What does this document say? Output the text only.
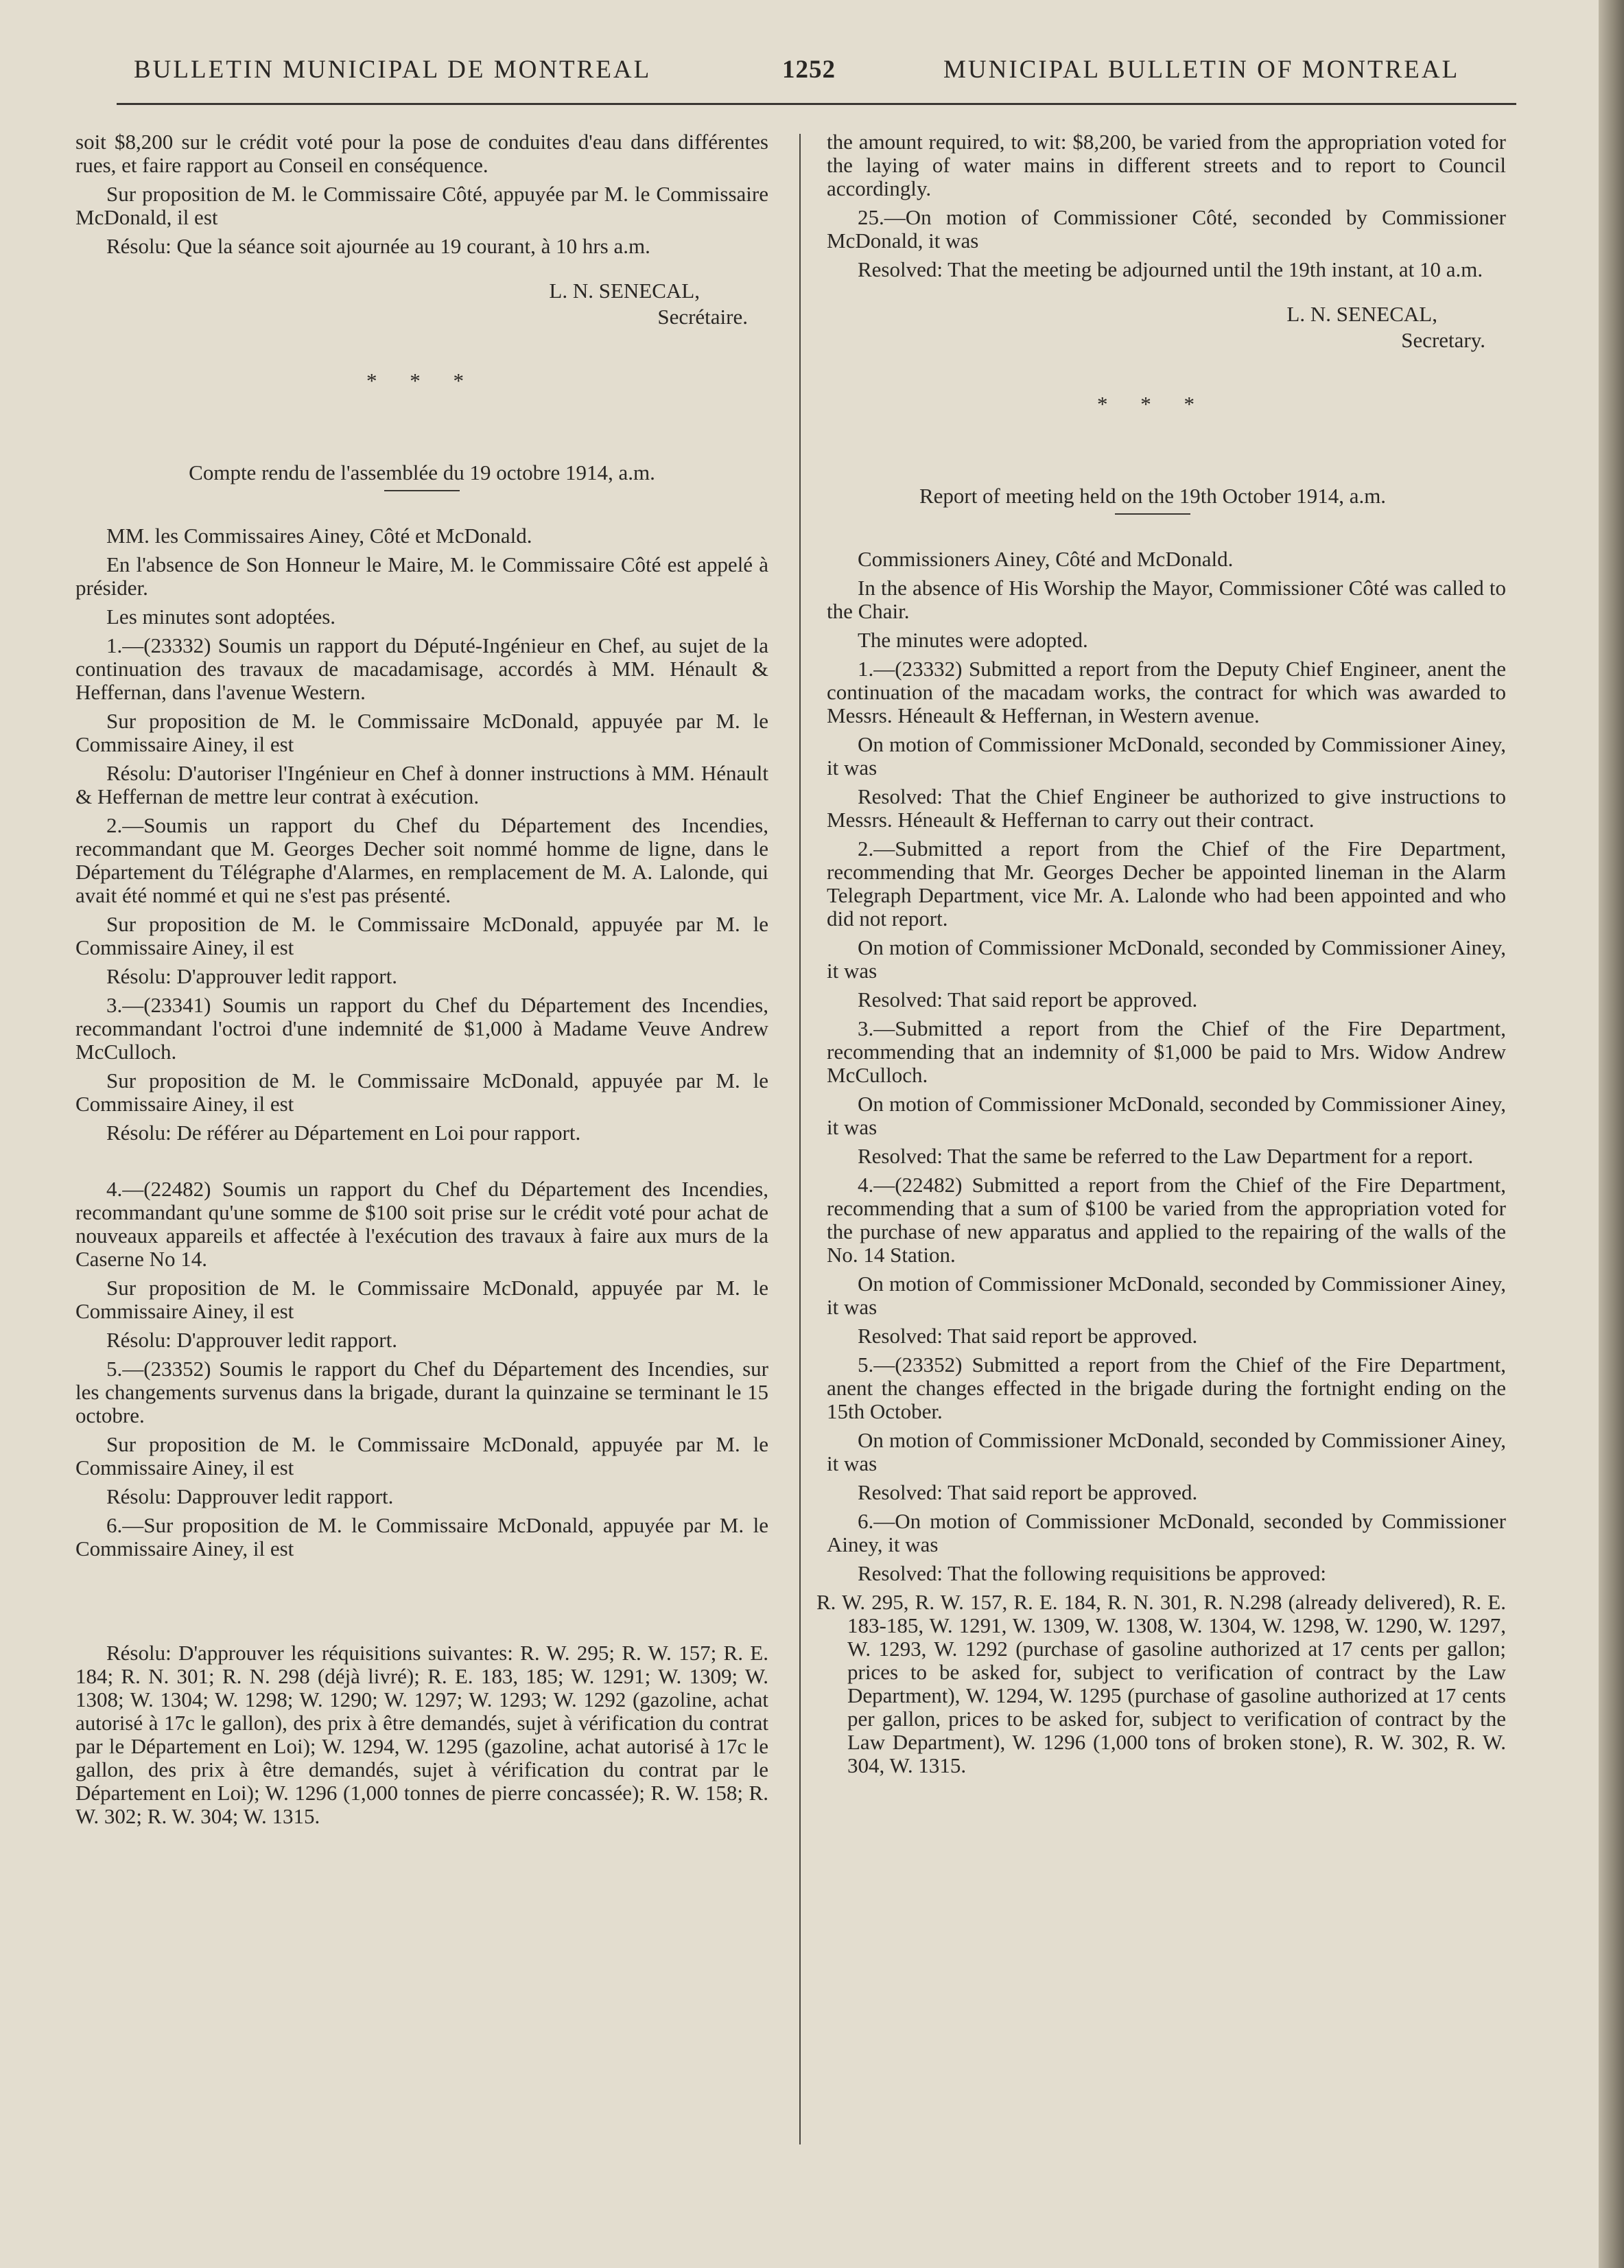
BULLETIN MUNICIPAL DE MONTREAL	1252	MUNICIPAL BULLETIN OF MONTREAL

soit $8,200 sur le crédit voté pour la pose de conduites d'eau dans différentes rues, et faire rapport au Conseil en conséquence.

Sur proposition de M. le Commissaire Côté, appuyée par M. le Commissaire McDonald, il est

Résolu: Que la séance soit ajournée au 19 courant, à 10 hrs a.m.

L. N. SENECAL,
Secrétaire.
* * *

Compte rendu de l'assemblée du 19 octobre 1914, a.m.

MM. les Commissaires Ainey, Côté et McDonald.

En l'absence de Son Honneur le Maire, M. le Commissaire Côté est appelé à présider.

Les minutes sont adoptées.

1.—(23332) Soumis un rapport du Député-Ingénieur en Chef, au sujet de la continuation des travaux de macadamisage, accordés à MM. Hénault & Heffernan, dans l'avenue Western.

Sur proposition de M. le Commissaire McDonald, appuyée par M. le Commissaire Ainey, il est

Résolu: D'autoriser l'Ingénieur en Chef à donner instructions à MM. Hénault & Heffernan de mettre leur contrat à exécution.

2.—Soumis un rapport du Chef du Département des Incendies, recommandant que M. Georges Decher soit nommé homme de ligne, dans le Département du Télégraphe d'Alarmes, en remplacement de M. A. Lalonde, qui avait été nommé et qui ne s'est pas présenté.

Sur proposition de M. le Commissaire McDonald, appuyée par M. le Commissaire Ainey, il est

Résolu: D'approuver ledit rapport.

3.—(23341) Soumis un rapport du Chef du Département des Incendies, recommandant l'octroi d'une indemnité de $1,000 à Madame Veuve Andrew McCulloch.

Sur proposition de M. le Commissaire McDonald, appuyée par M. le Commissaire Ainey, il est

Résolu: De référer au Département en Loi pour rapport.

4.—(22482) Soumis un rapport du Chef du Département des Incendies, recommandant qu'une somme de $100 soit prise sur le crédit voté pour achat de nouveaux appareils et affectée à l'exécution des travaux à faire aux murs de la Caserne No 14.

Sur proposition de M. le Commissaire McDonald, appuyée par M. le Commissaire Ainey, il est

Résolu: D'approuver ledit rapport.

5.—(23352) Soumis le rapport du Chef du Département des Incendies, sur les changements survenus dans la brigade, durant la quinzaine se terminant le 15 octobre.

Sur proposition de M. le Commissaire McDonald, appuyée par M. le Commissaire Ainey, il est

Résolu: Dapprouver ledit rapport.

6.—Sur proposition de M. le Commissaire McDonald, appuyée par M. le Commissaire Ainey, il est

Résolu: D'approuver les réquisitions suivantes: R. W. 295; R. W. 157; R. E. 184; R. N. 301; R. N. 298 (déjà livré); R. E. 183, 185; W. 1291; W. 1309; W. 1308; W. 1304; W. 1298; W. 1290; W. 1297; W. 1293; W. 1292 (gazoline, achat autorisé à 17c le gallon), des prix à être demandés, sujet à vérification du contrat par le Département en Loi); W. 1294, W. 1295 (gazoline, achat autorisé à 17c le gallon, des prix à être demandés, sujet à vérification du contrat par le Département en Loi); W. 1296 (1,000 tonnes de pierre concassée); R. W. 158; R. W. 302; R. W. 304; W. 1315.

the amount required, to wit: $8,200, be varied from the appropriation voted for the laying of water mains in different streets and to report to Council accordingly.

25.—On motion of Commissioner Côté, seconded by Commissioner McDonald, it was

Resolved: That the meeting be adjourned until the 19th instant, at 10 a.m.

L. N. SENECAL,
Secretary.
* * *

Report of meeting held on the 19th October 1914, a.m.

Commissioners Ainey, Côté and McDonald.

In the absence of His Worship the Mayor, Commissioner Côté was called to the Chair.

The minutes were adopted.

1.—(23332) Submitted a report from the Deputy Chief Engineer, anent the continuation of the macadam works, the contract for which was awarded to Messrs. Héneault & Heffernan, in Western avenue.

On motion of Commissioner McDonald, seconded by Commissioner Ainey, it was

Resolved: That the Chief Engineer be authorized to give instructions to Messrs. Héneault & Heffernan to carry out their contract.

2.—Submitted a report from the Chief of the Fire Department, recommending that Mr. Georges Decher be appointed lineman in the Alarm Telegraph Department, vice Mr. A. Lalonde who had been appointed and who did not report.

On motion of Commissioner McDonald, seconded by Commissioner Ainey, it was

Resolved: That said report be approved.

3.—Submitted a report from the Chief of the Fire Department, recommending that an indemnity of $1,000 be paid to Mrs. Widow Andrew McCulloch.

On motion of Commissioner McDonald, seconded by Commissioner Ainey, it was

Resolved: That the same be referred to the Law Department for a report.

4.—(22482) Submitted a report from the Chief of the Fire Department, recommending that a sum of $100 be varied from the appropriation voted for the purchase of new apparatus and applied to the repairing of the walls of the No. 14 Station.

On motion of Commissioner McDonald, seconded by Commissioner Ainey, it was

Resolved: That said report be approved.

5.—(23352) Submitted a report from the Chief of the Fire Department, anent the changes effected in the brigade during the fortnight ending on the 15th October.

On motion of Commissioner McDonald, seconded by Commissioner Ainey, it was

Resolved: That said report be approved.

6.—On motion of Commissioner McDonald, seconded by Commissioner Ainey, it was

Resolved: That the following requisitions be approved:

R. W. 295, R. W. 157, R. E. 184, R. N. 301, R. N.298 (already delivered), R. E. 183-185, W. 1291, W. 1309, W. 1308, W. 1304, W. 1298, W. 1290, W. 1297, W. 1293, W. 1292 (purchase of gasoline authorized at 17 cents per gallon; prices to be asked for, subject to verification of contract by the Law Department), W. 1294, W. 1295 (purchase of gasoline authorized at 17 cents per gallon, prices to be asked for, subject to verification of contract by the Law Department), W. 1296 (1,000 tons of broken stone), R. W. 302, R. W. 304, W. 1315.
